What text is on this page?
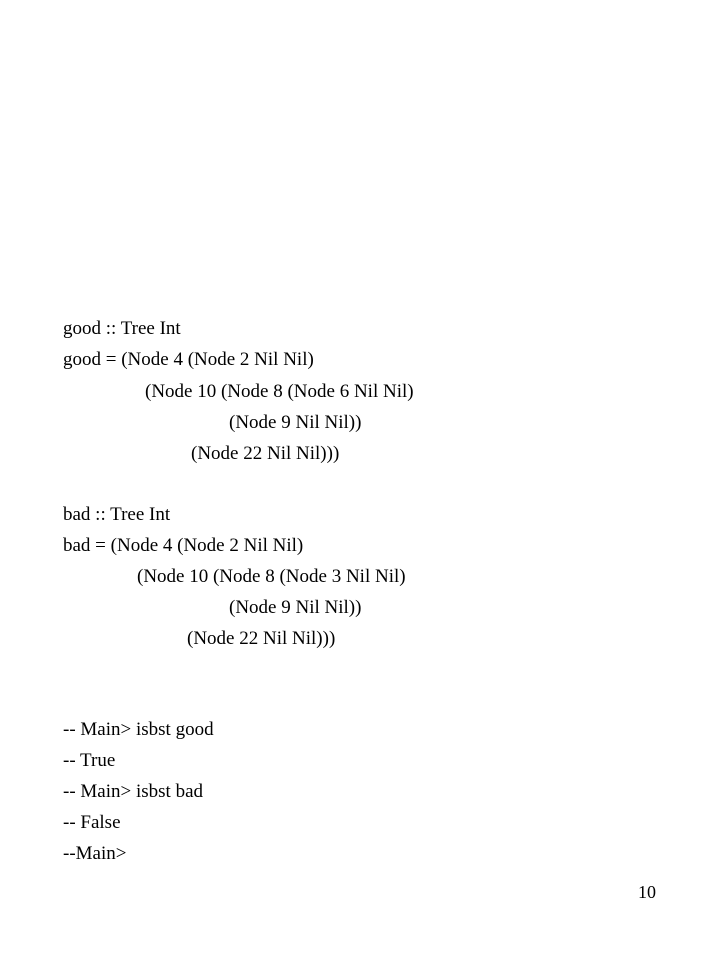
good :: Tree Int
good = (Node 4 (Node 2 Nil Nil)
(Node 10 (Node 8 (Node 6 Nil Nil)
(Node 9 Nil Nil))
(Node 22 Nil Nil)))
bad :: Tree Int
bad = (Node 4 (Node 2 Nil Nil)
(Node 10 (Node 8 (Node 3 Nil Nil)
(Node 9 Nil Nil))
(Node 22 Nil Nil)))
-- Main> isbst good
-- True
-- Main> isbst bad
-- False
--Main>
10
